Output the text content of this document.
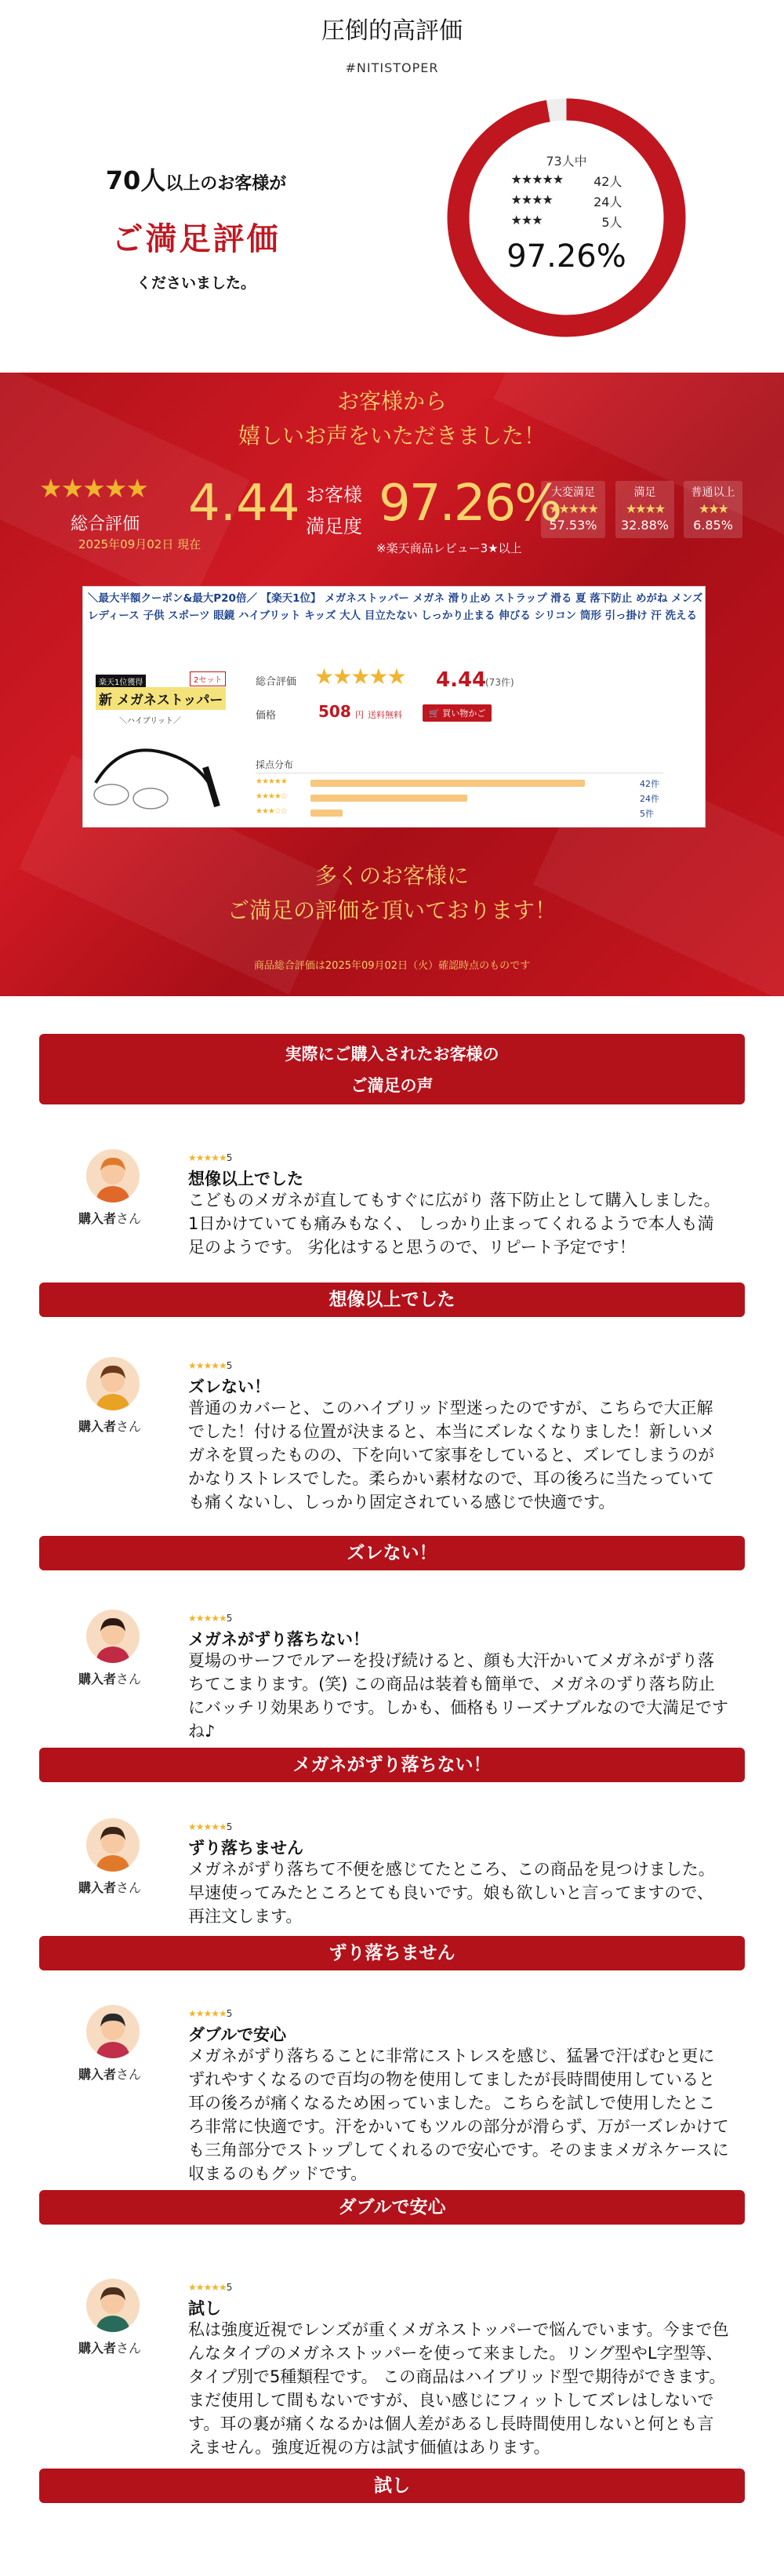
圧倒的高評価
#NITISTOPER
70人以上のお客様が
ご満足評価
くださいました。
73人中
★★★★★	42人
★★★★	24人
★★★	5人
97.26%
お客様から
嬉しいお声をいただきました！
★★★★★
総合評価
2025年09月02日 現在
4.44 お客様
満足度 97.26%
※楽天商品レビュー3★以上
大変満足
★★★★★
57.53%
満足
★★★★
32.88%
普通以上
★★★
6.85%
＼最大半額クーポン&最大P20倍／ 【楽天1位】 メガネストッパー メガネ 滑り止め ストラップ 滑る 夏 落下防止 めがね メンズ レディース 子供 スポーツ 眼鏡 ハイブリット キッズ 大人 目立たない しっかり止まる 伸びる シリコン 筒形 引っ掛け 汗 洗える
楽天1位獲得
新 メガネストッパー
2セット
＼ハイブリット／
総合評価 ★★★★★ 4.44
(73件)
価格	508 円 送料無料	🛒 買い物かご
採点分布
★★★★★	42件
★★★★☆	24件
★★★☆☆	5件
多くのお客様に
ご満足の評価を頂いております！
商品総合評価は2025年09月02日（火）確認時点のものです
実際にご購入されたお客様の
ご満足の声
購入者さん
★★★★★5
想像以上でした
こどものメガネが直してもすぐに広がり 落下防止として購入しました。 1日かけていても痛みもなく、 しっかり止まってくれるようで本人も満足のようです。 劣化はすると思うので、リピート予定です！
想像以上でした
購入者さん
★★★★★5
ズレない！
普通のカバーと、このハイブリッド型迷ったのですが、こちらで大正解でした！付ける位置が決まると、本当にズレなくなりました！新しいメガネを買ったものの、下を向いて家事をしていると、ズレてしまうのがかなりストレスでした。柔らかい素材なので、耳の後ろに当たっていても痛くないし、しっかり固定されている感じで快適です。
ズレない！
購入者さん
★★★★★5
メガネがずり落ちない！
夏場のサーフでルアーを投げ続けると、顔も大汗かいてメガネがずり落ちてこまります。(笑) この商品は装着も簡単で、メガネのずり落ち防止にバッチリ効果ありです。しかも、価格もリーズナブルなので大満足ですね♪
メガネがずり落ちない！
購入者さん
★★★★★5
ずり落ちません
メガネがずり落ちて不便を感じてたところ、この商品を見つけました。早速使ってみたところとても良いです。娘も欲しいと言ってますので、再注文します。
ずり落ちません
購入者さん
★★★★★5
ダブルで安心
メガネがずり落ちることに非常にストレスを感じ、猛暑で汗ばむと更にずれやすくなるので百均の物を使用してましたが長時間使用していると耳の後ろが痛くなるため困っていました。こちらを試しで使用したところ非常に快適です。汗をかいてもツルの部分が滑らず、万が一ズレかけても三角部分でストップしてくれるので安心です。そのままメガネケースに収まるのもグッドです。
ダブルで安心
購入者さん
★★★★★5
試し
私は強度近視でレンズが重くメガネストッパーで悩んでいます。今まで色んなタイプのメガネストッパーを使って来ました。リング型やL字型等、タイプ別で5種類程です。 この商品はハイブリッド型で期待ができます。まだ使用して間もないですが、良い感じにフィットしてズレはしないです。耳の裏が痛くなるかは個人差があるし長時間使用しないと何とも言えません。強度近視の方は試す価値はあります。
試し
